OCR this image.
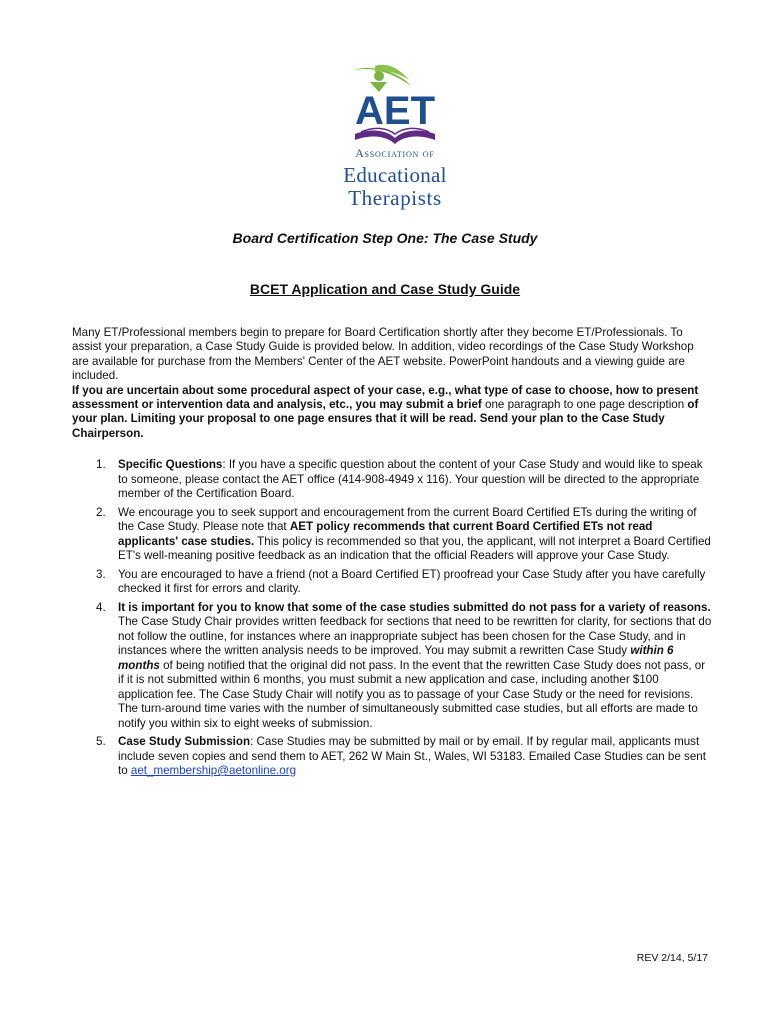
AET
Association of
Educational
Therapists
Board Certification Step One: The Case Study
BCET Application and Case Study Guide

Many ET/Professional members begin to prepare for Board Certification shortly after they become ET/Professionals. To assist your preparation, a Case Study Guide is provided below. In addition, video recordings of the Case Study Workshop are available for purchase from the Members' Center of the AET website. PowerPoint handouts and a viewing guide are included.

If you are uncertain about some procedural aspect of your case, e.g., what type of case to choose, how to present assessment or intervention data and analysis, etc., you may submit a brief one paragraph to one page description of your plan. Limiting your proposal to one page ensures that it will be read. Send your plan to the Case Study Chairperson.

1. Specific Questions: If you have a specific question about the content of your Case Study and would like to speak to someone, please contact the AET office (414-908-4949 x 116). Your question will be directed to the appropriate member of the Certification Board.
2. We encourage you to seek support and encouragement from the current Board Certified ETs during the writing of the Case Study. Please note that AET policy recommends that current Board Certified ETs not read applicants' case studies. This policy is recommended so that you, the applicant, will not interpret a Board Certified ET's well-meaning positive feedback as an indication that the official Readers will approve your Case Study.
3. You are encouraged to have a friend (not a Board Certified ET) proofread your Case Study after you have carefully checked it first for errors and clarity.
4. It is important for you to know that some of the case studies submitted do not pass for a variety of reasons. The Case Study Chair provides written feedback for sections that need to be rewritten for clarity, for sections that do not follow the outline, for instances where an inappropriate subject has been chosen for the Case Study, and in instances where the written analysis needs to be improved. You may submit a rewritten Case Study within 6 months of being notified that the original did not pass. In the event that the rewritten Case Study does not pass, or if it is not submitted within 6 months, you must submit a new application and case, including another $100 application fee. The Case Study Chair will notify you as to passage of your Case Study or the need for revisions. The turn-around time varies with the number of simultaneously submitted case studies, but all efforts are made to notify you within six to eight weeks of submission.
5. Case Study Submission: Case Studies may be submitted by mail or by email. If by regular mail, applicants must include seven copies and send them to AET, 262 W Main St., Wales, WI 53183. Emailed Case Studies can be sent to aet_membership@aetonline.org
REV 2/14, 5/17
